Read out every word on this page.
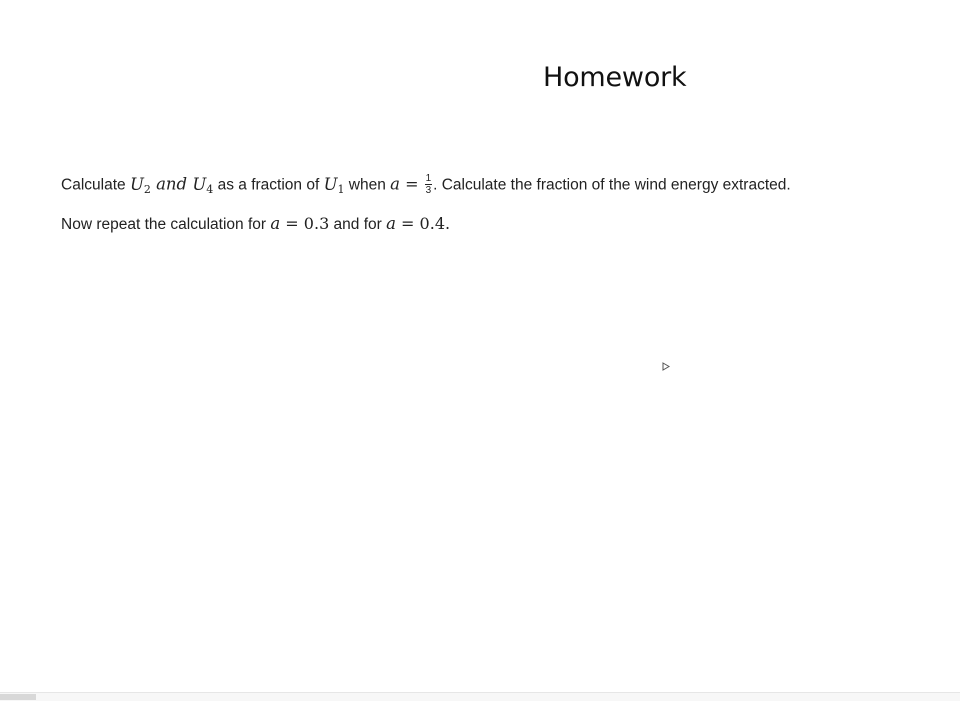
Homework
Calculate $U_2$ and $U_4$ as a fraction of $U_1$ when $a = \frac{1}{3}$ . Calculate the fraction of the wind energy extracted.
Now repeat the calculation for a = 0.3 and for a = 0.4.
